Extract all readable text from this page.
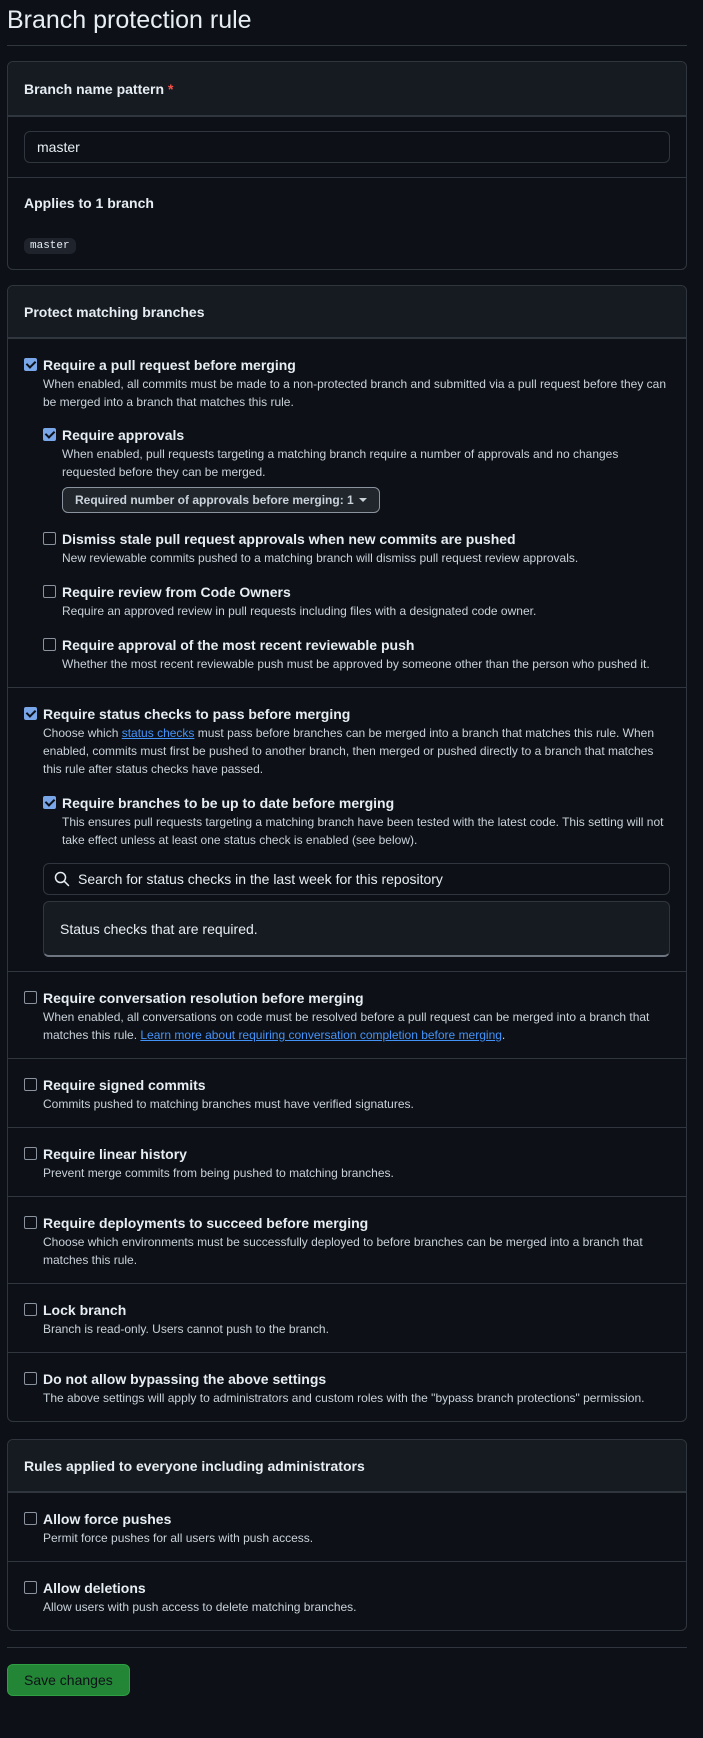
Branch protection rule
Branch name pattern *
master

Applies to 1 branch

master
Protect matching branches
Require a pull request before merging
When enabled, all commits must be made to a non-protected branch and submitted via a pull request before they can be merged into a branch that matches this rule.
Require approvals
When enabled, pull requests targeting a matching branch require a number of approvals and no changes requested before they can be merged.
Required number of approvals before merging: 1
Dismiss stale pull request approvals when new commits are pushed
New reviewable commits pushed to a matching branch will dismiss pull request review approvals.
Require review from Code Owners
Require an approved review in pull requests including files with a designated code owner.
Require approval of the most recent reviewable push
Whether the most recent reviewable push must be approved by someone other than the person who pushed it.
Require status checks to pass before merging
Choose which status checks must pass before branches can be merged into a branch that matches this rule. When enabled, commits must first be pushed to another branch, then merged or pushed directly to a branch that matches this rule after status checks have passed.
Require branches to be up to date before merging
This ensures pull requests targeting a matching branch have been tested with the latest code. This setting will not take effect unless at least one status check is enabled (see below).
Search for status checks in the last week for this repository
Status checks that are required.
Require conversation resolution before merging
When enabled, all conversations on code must be resolved before a pull request can be merged into a branch that matches this rule. Learn more about requiring conversation completion before merging.
Require signed commits
Commits pushed to matching branches must have verified signatures.
Require linear history
Prevent merge commits from being pushed to matching branches.
Require deployments to succeed before merging
Choose which environments must be successfully deployed to before branches can be merged into a branch that matches this rule.
Lock branch
Branch is read-only. Users cannot push to the branch.
Do not allow bypassing the above settings
The above settings will apply to administrators and custom roles with the "bypass branch protections" permission.
Rules applied to everyone including administrators
Allow force pushes
Permit force pushes for all users with push access.
Allow deletions
Allow users with push access to delete matching branches.
Save changes
